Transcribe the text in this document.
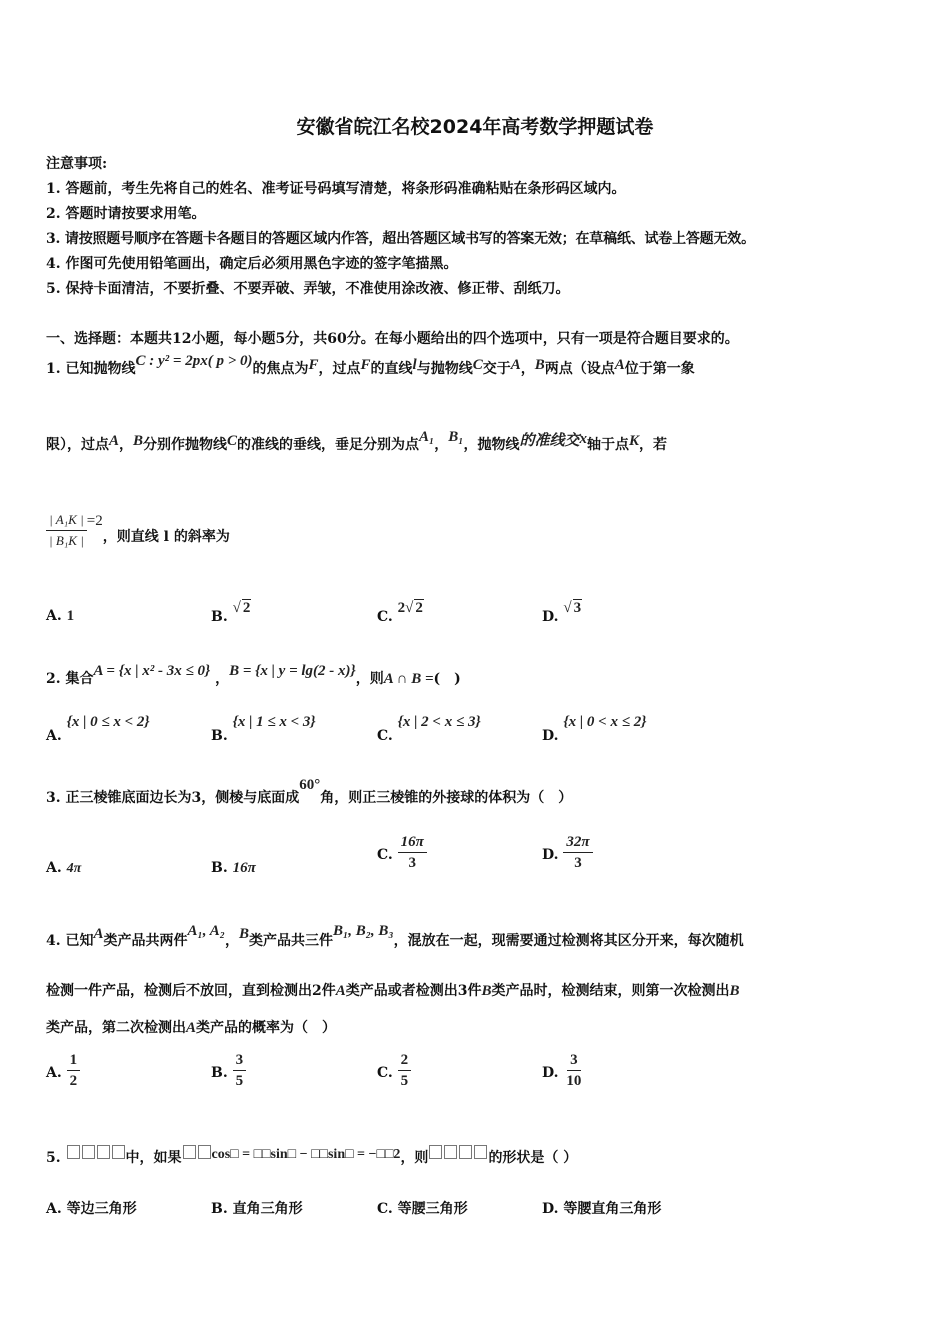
安徽省皖江名校2024年高考数学押题试卷
注意事项:
1. 答题前，考生先将自己的姓名、准考证号码填写清楚，将条形码准确粘贴在条形码区域内。
2. 答题时请按要求用笔。
3. 请按照题号顺序在答题卡各题目的答题区域内作答，超出答题区域书写的答案无效；在草稿纸、试卷上答题无效。
4. 作图可先使用铅笔画出，确定后必须用黑色字迹的签字笔描黑。
5. 保持卡面清洁，不要折叠、不要弄破、弄皱，不准使用涂改液、修正带、刮纸刀。
一、选择题：本题共12小题，每小题5分，共60分。在每小题给出的四个选项中，只有一项是符合题目要求的。
1. 已知抛物线C : y² = 2px( p > 0)的焦点为F，过点F的直线l与抛物线C交于A，B两点（设点A位于第一象
限），过点A，B分别作抛物线C的准线的垂线，垂足分别为点A₁，B₁，抛物线的准线交x轴于点K，若
$\frac{\text{| A₁K |}}{\text{| B₁K |}} =2$，则直线 l 的斜率为
A. 1	B. √ 2
C. 2√ 2
D. √ 3
2. 集合A = {x | x² - 3x ≤ 0} ，B = {x | y = lg(2 - x)}，则A ∩ B =(　)
A. {x | 0 ≤ x < 2}
B. {x | 1 ≤ x < 3}
C. {x | 2 < x ≤ 3}
D. {x | 0 < x ≤ 2}
3. 正三棱锥底面边长为3，侧棱与底面成60°角，则正三棱锥的外接球的体积为（　）
A. 4π	B. 16π
C. $\frac{16\pi}{3}$	D. $\frac{32\pi}{3}$
4. 已知A类产品共两件A₁, A₂，B类产品共三件B₁, B₂, B₃，混放在一起，现需要通过检测将其区分开来，每次随机
检测一件产品，检测后不放回，直到检测出2件A类产品或者检测出3件B类产品时，检测结束，则第一次检测出B
类产品，第二次检测出A类产品的概率为（　）
A. $\frac{1}{2}$	B. $\frac{3}{5}$	C. $\frac{2}{5}$	D. $\frac{3}{10}$
5.	中，如果 cos□ = □□sin□ − □□sin□ = −□□2，则	的形状是（ ）
A. 等边三角形	B. 直角三角形	C. 等腰三角形	D. 等腰直角三角形
